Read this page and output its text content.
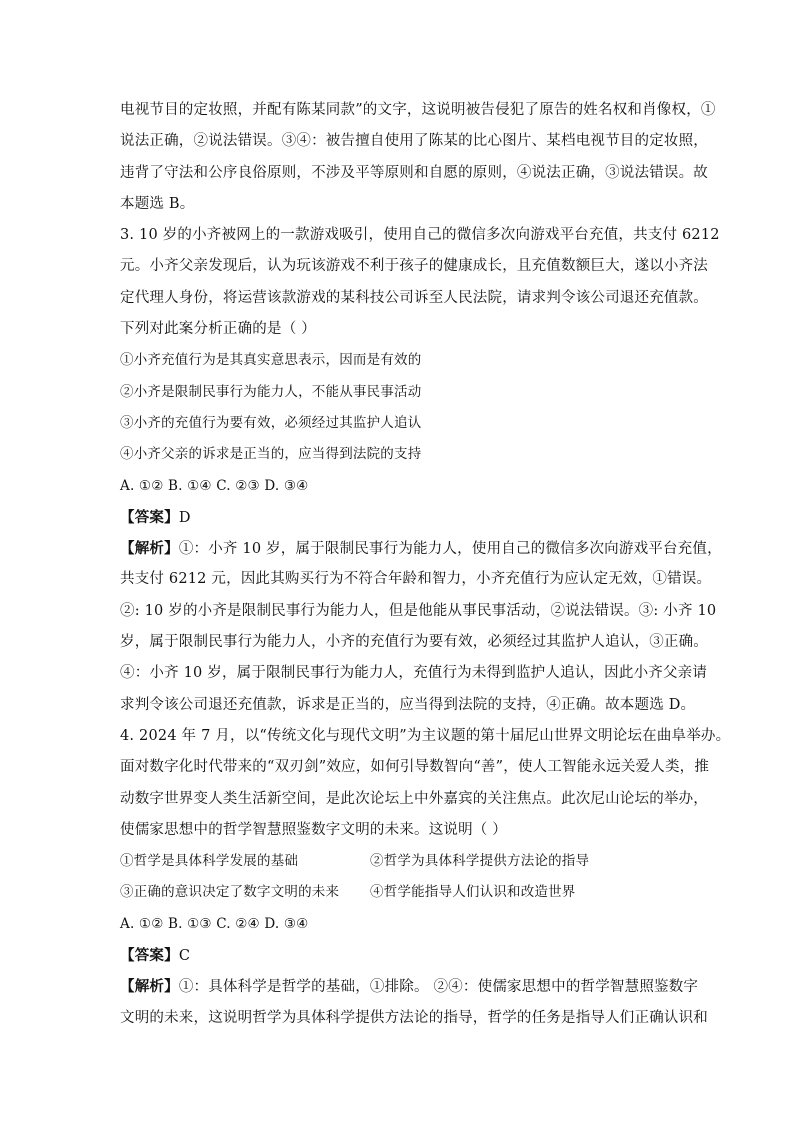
电视节目的定妆照，并配有陈某同款”的文字，这说明被告侵犯了原告的姓名权和肖像权，①
说法正确，②说法错误。③④：被告擅自使用了陈某的比心图片、某档电视节目的定妆照，
违背了守法和公序良俗原则，不涉及平等原则和自愿的原则，④说法正确，③说法错误。故
本题选 B。
3. 10 岁的小齐被网上的一款游戏吸引，使用自己的微信多次向游戏平台充值，共支付 6212
元。小齐父亲发现后，认为玩该游戏不利于孩子的健康成长，且充值数额巨大，遂以小齐法
定代理人身份，将运营该款游戏的某科技公司诉至人民法院，请求判令该公司退还充值款。
下列对此案分析正确的是（ ）
①小齐充值行为是其真实意思表示，因而是有效的
②小齐是限制民事行为能力人，不能从事民事活动
③小齐的充值行为要有效，必须经过其监护人追认
④小齐父亲的诉求是正当的，应当得到法院的支持
A. ①② B. ①④ C. ②③ D. ③④
【答案】D
【解析】①：小齐 10 岁，属于限制民事行为能力人，使用自己的微信多次向游戏平台充值，
共支付 6212 元，因此其购买行为不符合年龄和智力，小齐充值行为应认定无效，①错误。
②: 10 岁的小齐是限制民事行为能力人，但是他能从事民事活动，②说法错误。③: 小齐 10
岁，属于限制民事行为能力人，小齐的充值行为要有效，必须经过其监护人追认，③正确。
④：小齐 10 岁，属于限制民事行为能力人，充值行为未得到监护人追认，因此小齐父亲请
求判令该公司退还充值款，诉求是正当的，应当得到法院的支持，④正确。故本题选 D。
4. 2024 年 7 月，以“传统文化与现代文明”为主议题的第十届尼山世界文明论坛在曲阜举办。
面对数字化时代带来的“双刃剑”效应，如何引导数智向“善”，使人工智能永远关爱人类，推
动数字世界变人类生活新空间，是此次论坛上中外嘉宾的关注焦点。此次尼山论坛的举办，
使儒家思想中的哲学智慧照鉴数字文明的未来。这说明（ ）
①哲学是具体科学发展的基础	②哲学为具体科学提供方法论的指导
③正确的意识决定了数字文明的未来	④哲学能指导人们认识和改造世界
A. ①② B. ①③ C. ②④ D. ③④
【答案】C
【解析】①：具体科学是哲学的基础，①排除。 ②④：使儒家思想中的哲学智慧照鉴数字
文明的未来，这说明哲学为具体科学提供方法论的指导，哲学的任务是指导人们正确认识和
